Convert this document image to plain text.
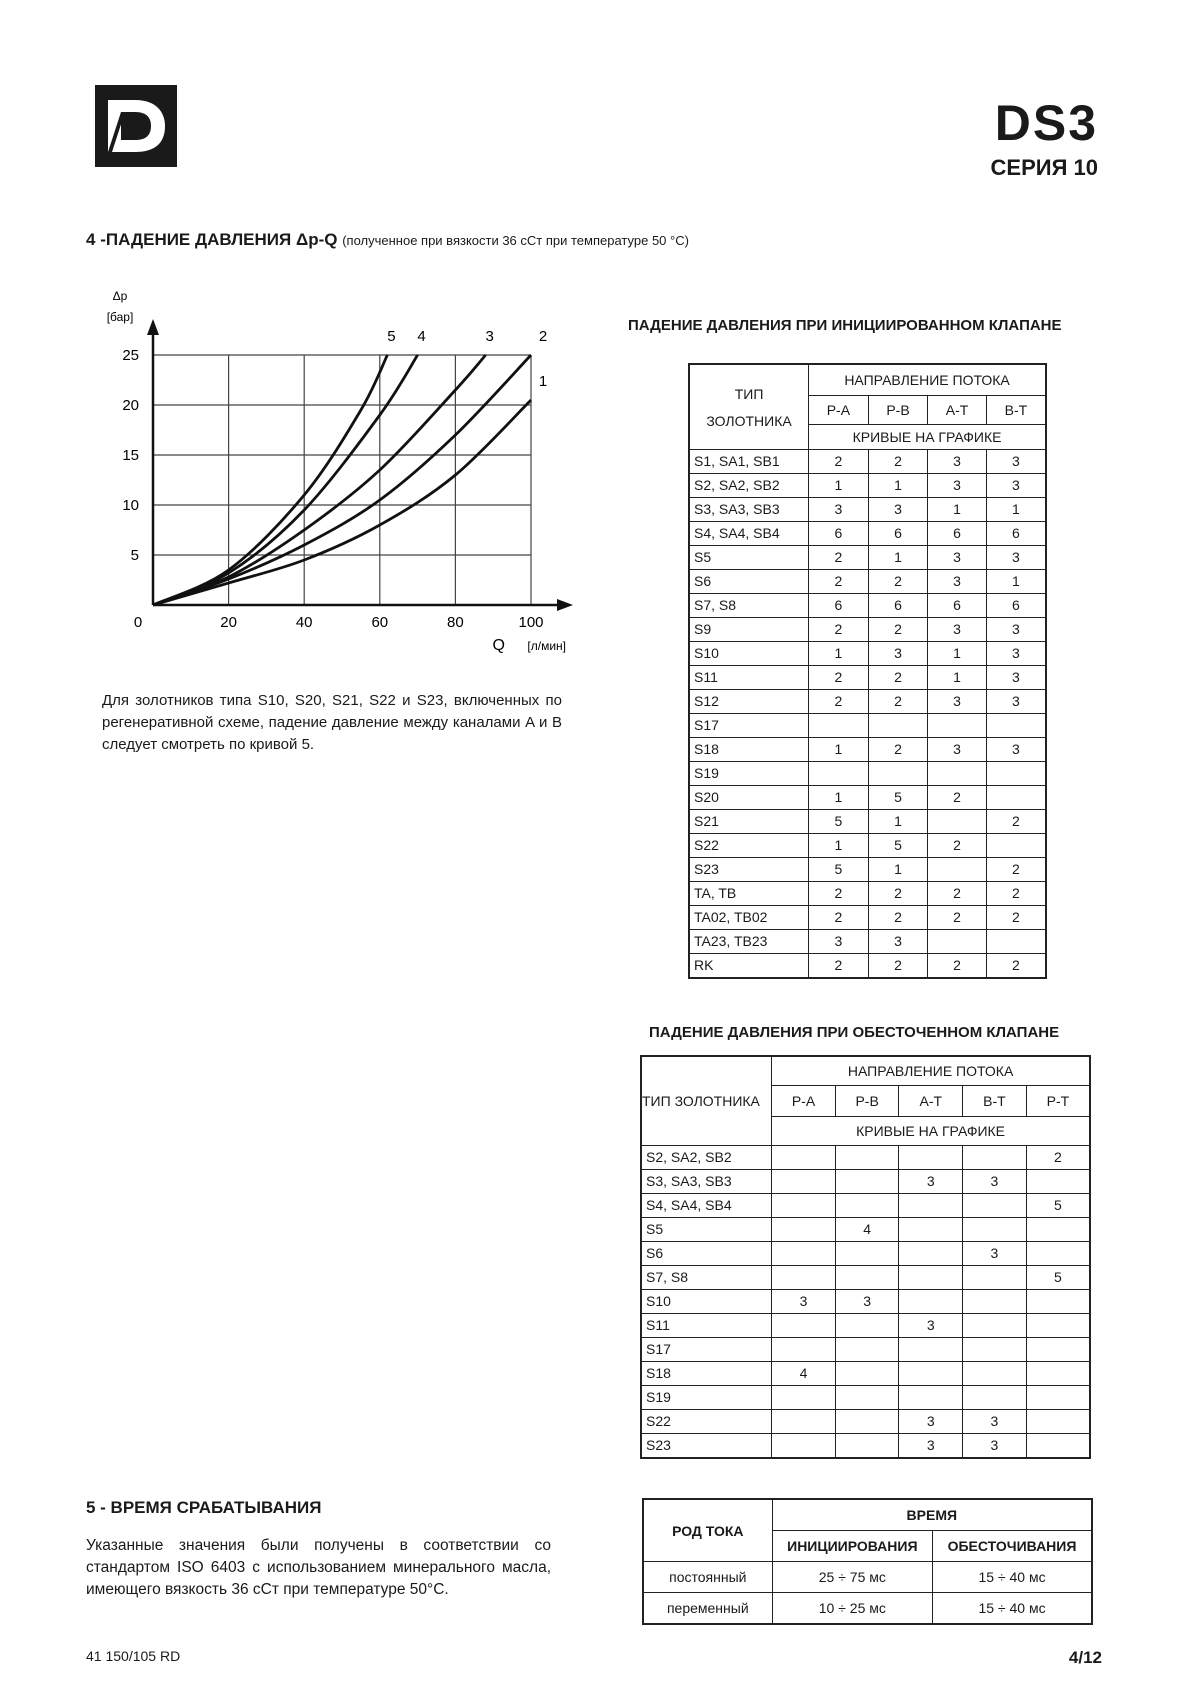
DS3
СЕРИЯ 10
4 -ПАДЕНИЕ ДАВЛЕНИЯ Δp-Q (полученное при вязкости 36 сСт при температуре 50 °C)
0	20	40	60	80	100
5
10
15
20
25
Δp
[бар]
Q [л/мин]
1
2
3
4
5
Для золотников типа S10, S20, S21, S22 и S23, включенных по регенеративной схеме, падение давление между каналами A и B следует смотреть по кривой 5.
ПАДЕНИЕ ДАВЛЕНИЯ ПРИ ИНИЦИИРОВАННОМ КЛАПАНЕ
ТИП
ЗОЛОТНИКА	НАПРАВЛЕНИЕ ПОТОКА			
	P-A	P-B	A-T	B-T
	КРИВЫЕ НА ГРАФИКЕ			
S1, SA1, SB1	2	2	3	3
S2, SA2, SB2	1	1	3	3
S3, SA3, SB3	3	3	1	1
S4, SA4, SB4	6	6	6	6
S5	2	1	3	3
S6	2	2	3	1
S7, S8	6	6	6	6
S9	2	2	3	3
S10	1	3	1	3
S11	2	2	1	3
S12	2	2	3	3
S17				
S18	1	2	3	3
S19				
S20	1	5	2	
S21	5	1		2
S22	1	5	2	
S23	5	1		2
TA, TB	2	2	2	2
TA02, TB02	2	2	2	2
TA23, TB23	3	3		
RK	2	2	2	2
ПАДЕНИЕ ДАВЛЕНИЯ ПРИ ОБЕСТОЧЕННОМ КЛАПАНЕ
ТИП ЗОЛОТНИКА	НАПРАВЛЕНИЕ ПОТОКА				
	P-A	P-B	A-T	B-T	P-T
	КРИВЫЕ НА ГРАФИКЕ				
S2, SA2, SB2					2
S3, SA3, SB3			3	3	
S4, SA4, SB4					5
S5		4			
S6				3	
S7, S8					5
S10	3	3			
S11			3		
S17					
S18	4				
S19					
S22			3	3	
S23			3	3	
5 - ВРЕМЯ СРАБАТЫВАНИЯ
Указанные значения были получены в соответствии со стандартом ISO 6403 с использованием минерального масла, имеющего вязкость 36 сСт при температуре 50°С.
РОД ТОКА	ВРЕМЯ	
	ИНИЦИИРОВАНИЯ	ОБЕСТОЧИВАНИЯ
постоянный	25 ÷ 75 мс	15 ÷ 40 мс
переменный	10 ÷ 25 мс	15 ÷ 40 мс
41 150/105 RD	4/12
